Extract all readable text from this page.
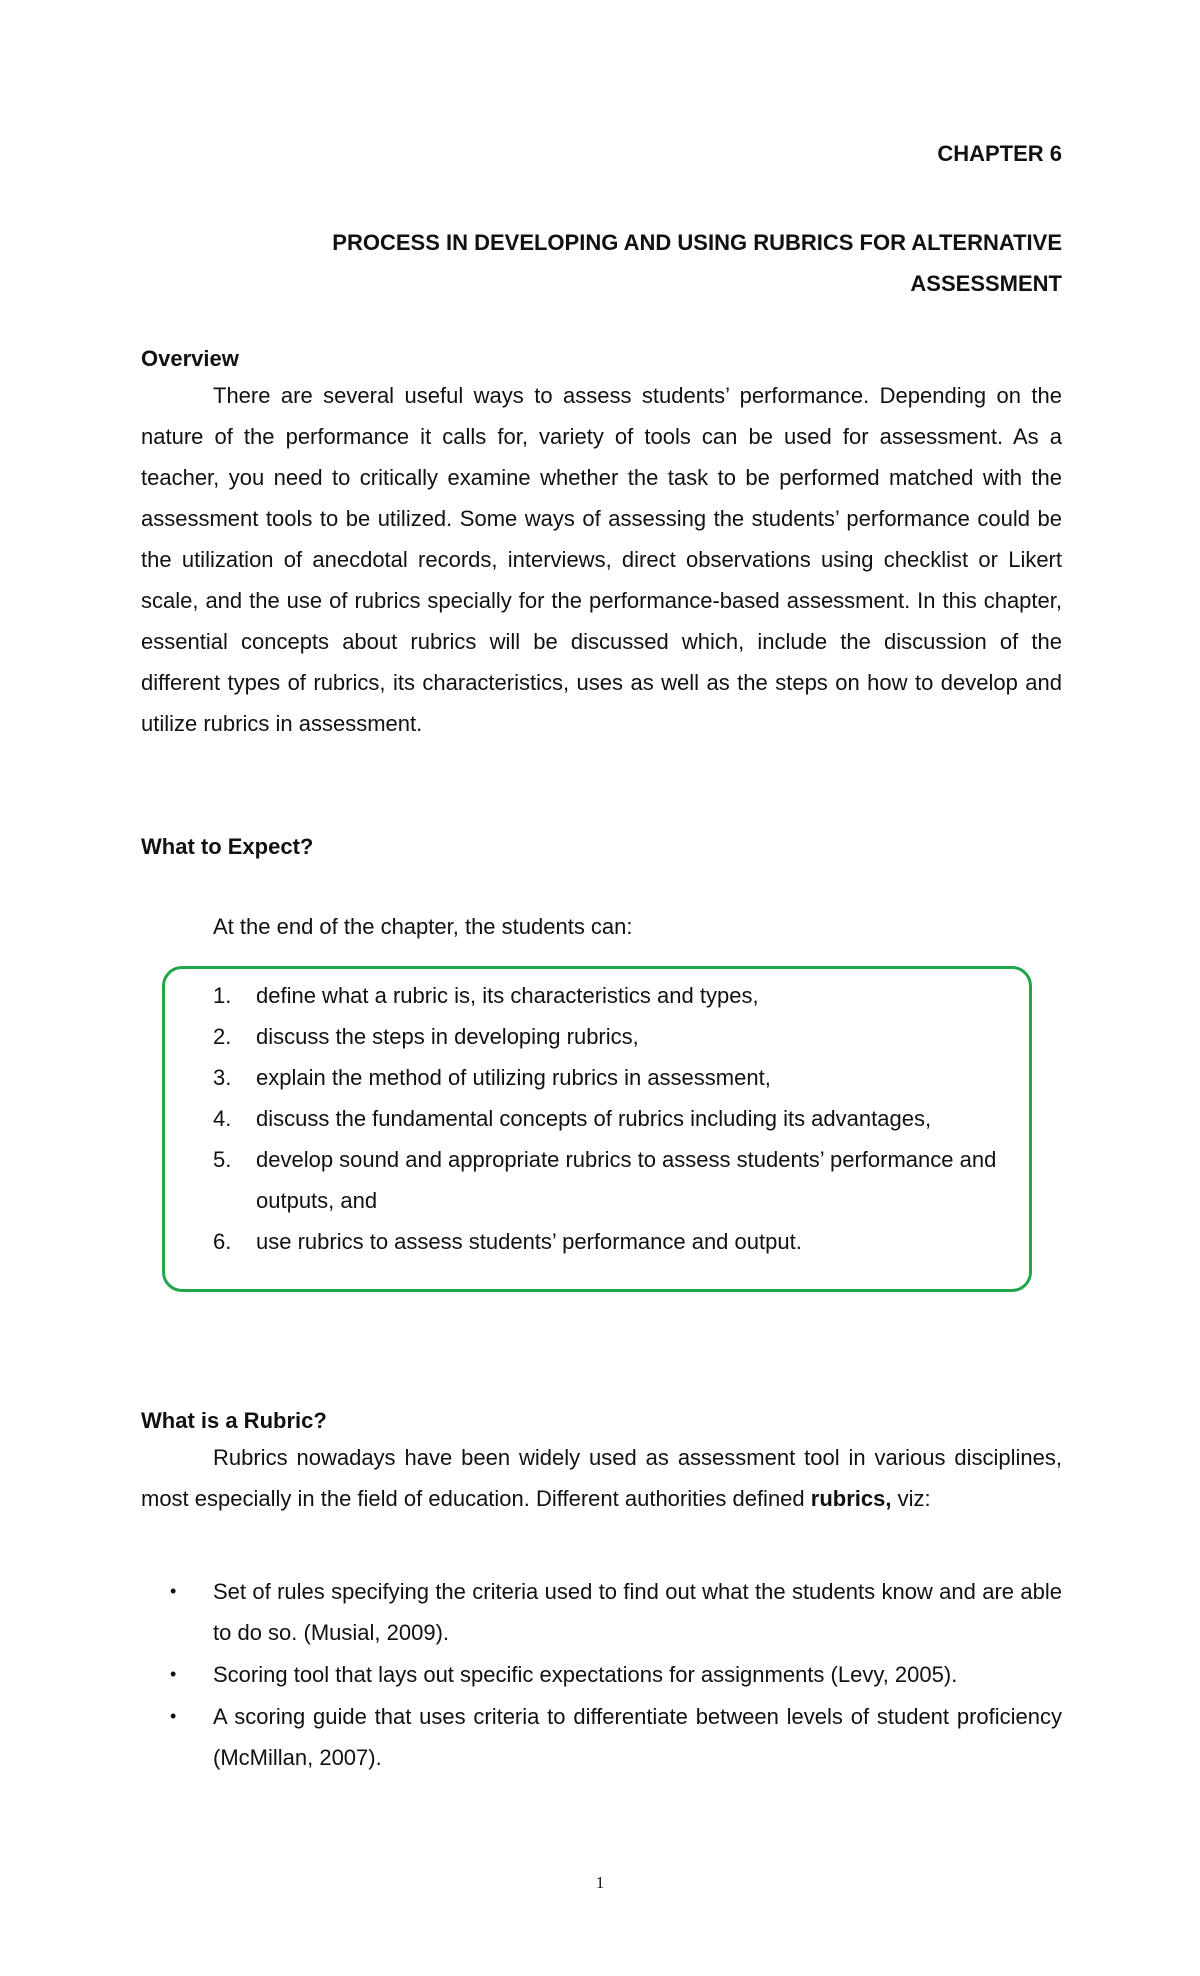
CHAPTER 6
PROCESS IN DEVELOPING AND USING RUBRICS FOR ALTERNATIVE
ASSESSMENT
Overview

There are several useful ways to assess students’ performance. Depending on the nature of the performance it calls for, variety of tools can be used for assessment. As a teacher, you need to critically examine whether the task to be performed matched with the assessment tools to be utilized. Some ways of assessing the students’ performance could be the utilization of anecdotal records, interviews, direct observations using checklist or Likert scale, and the use of rubrics specially for the performance-based assessment. In this chapter, essential concepts about rubrics will be discussed which, include the discussion of the different types of rubrics, its characteristics, uses as well as the steps on how to develop and utilize rubrics in assessment.

What to Expect?
At the end of the chapter, the students can:
1.	define what a rubric is, its characteristics and types,
2.	discuss the steps in developing rubrics,
3.	explain the method of utilizing rubrics in assessment,
4.	discuss the fundamental concepts of rubrics including its advantages,
5.	develop sound and appropriate rubrics to assess students’ performance and outputs, and
6.	use rubrics to assess students’ performance and output.
What is a Rubric?

Rubrics nowadays have been widely used as assessment tool in various disciplines, most especially in the field of education. Different authorities defined rubrics, viz:

•	Set of rules specifying the criteria used to find out what the students know and are able to do so. (Musial, 2009).
•	Scoring tool that lays out specific expectations for assignments (Levy, 2005).
•	A scoring guide that uses criteria to differentiate between levels of student proficiency (McMillan, 2007).
1
